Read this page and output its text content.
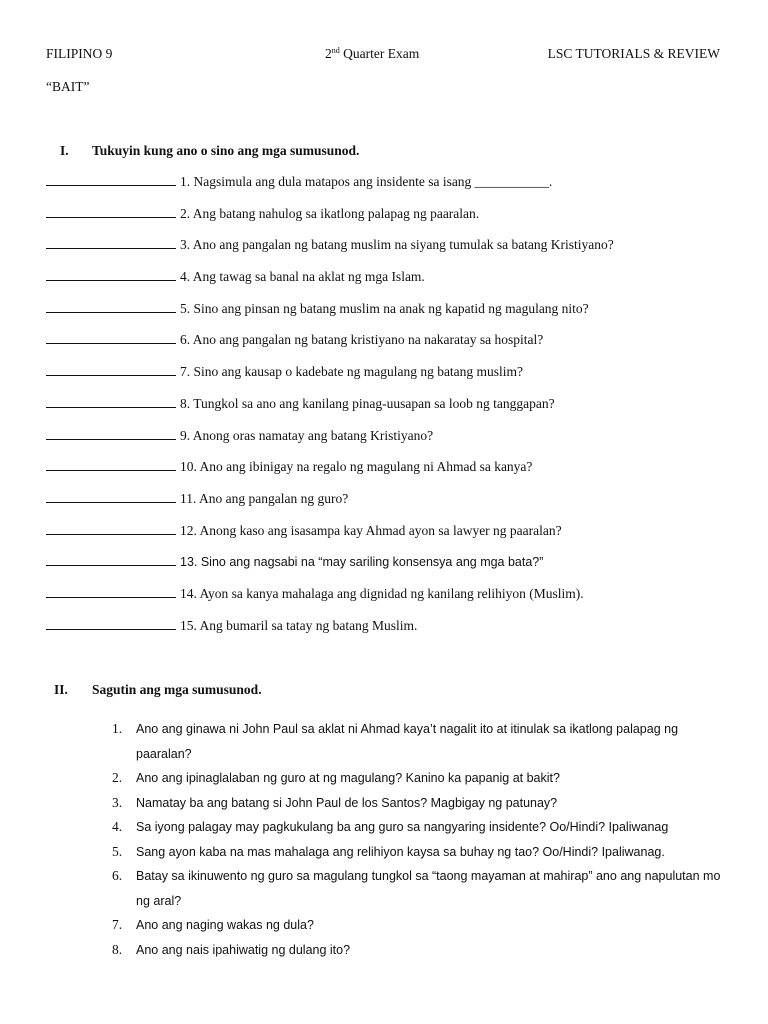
FILIPINO 9	2nd Quarter Exam	LSC TUTORIALS & REVIEW
“BAIT”
I. Tukuyin kung ano o sino ang mga sumusunod.
1. Nagsimula ang dula matapos ang insidente sa isang ___________.
2. Ang batang nahulog sa ikatlong palapag ng paaralan.
3. Ano ang pangalan ng batang muslim na siyang tumulak sa batang Kristiyano?
4. Ang tawag sa banal na aklat ng mga Islam.
5. Sino ang pinsan ng batang muslim na anak ng kapatid ng magulang nito?
6. Ano ang pangalan ng batang kristiyano na nakaratay sa hospital?
7. Sino ang kausap o kadebate ng magulang ng batang muslim?
8. Tungkol sa ano ang kanilang pinag-uusapan sa loob ng tanggapan?
9. Anong oras namatay ang batang Kristiyano?
10. Ano ang ibinigay na regalo ng magulang ni Ahmad sa kanya?
11. Ano ang pangalan ng guro?
12. Anong kaso ang isasampa kay Ahmad ayon sa lawyer ng paaralan?
13. Sino ang nagsabi na “may sariling konsensya ang mga bata?”
14. Ayon sa kanya mahalaga ang dignidad ng kanilang relihiyon (Muslim).
15. Ang bumaril sa tatay ng batang Muslim.
II. Sagutin ang mga sumusunod.
1.	Ano ang ginawa ni John Paul sa aklat ni Ahmad kaya’t nagalit ito at itinulak sa ikatlong palapag ng paaralan?
2.	Ano ang ipinaglalaban ng guro at ng magulang? Kanino ka papanig at bakit?
3.	Namatay ba ang batang si John Paul de los Santos? Magbigay ng patunay?
4.	Sa iyong palagay may pagkukulang ba ang guro sa nangyaring insidente? Oo/Hindi? Ipaliwanag
5.	Sang ayon kaba na mas mahalaga ang relihiyon kaysa sa buhay ng tao? Oo/Hindi? Ipaliwanag.
6.	Batay sa ikinuwento ng guro sa magulang tungkol sa “taong mayaman at mahirap” ano ang napulutan mo ng aral?
7.	Ano ang naging wakas ng dula?
8.	Ano ang nais ipahiwatig ng dulang ito?
